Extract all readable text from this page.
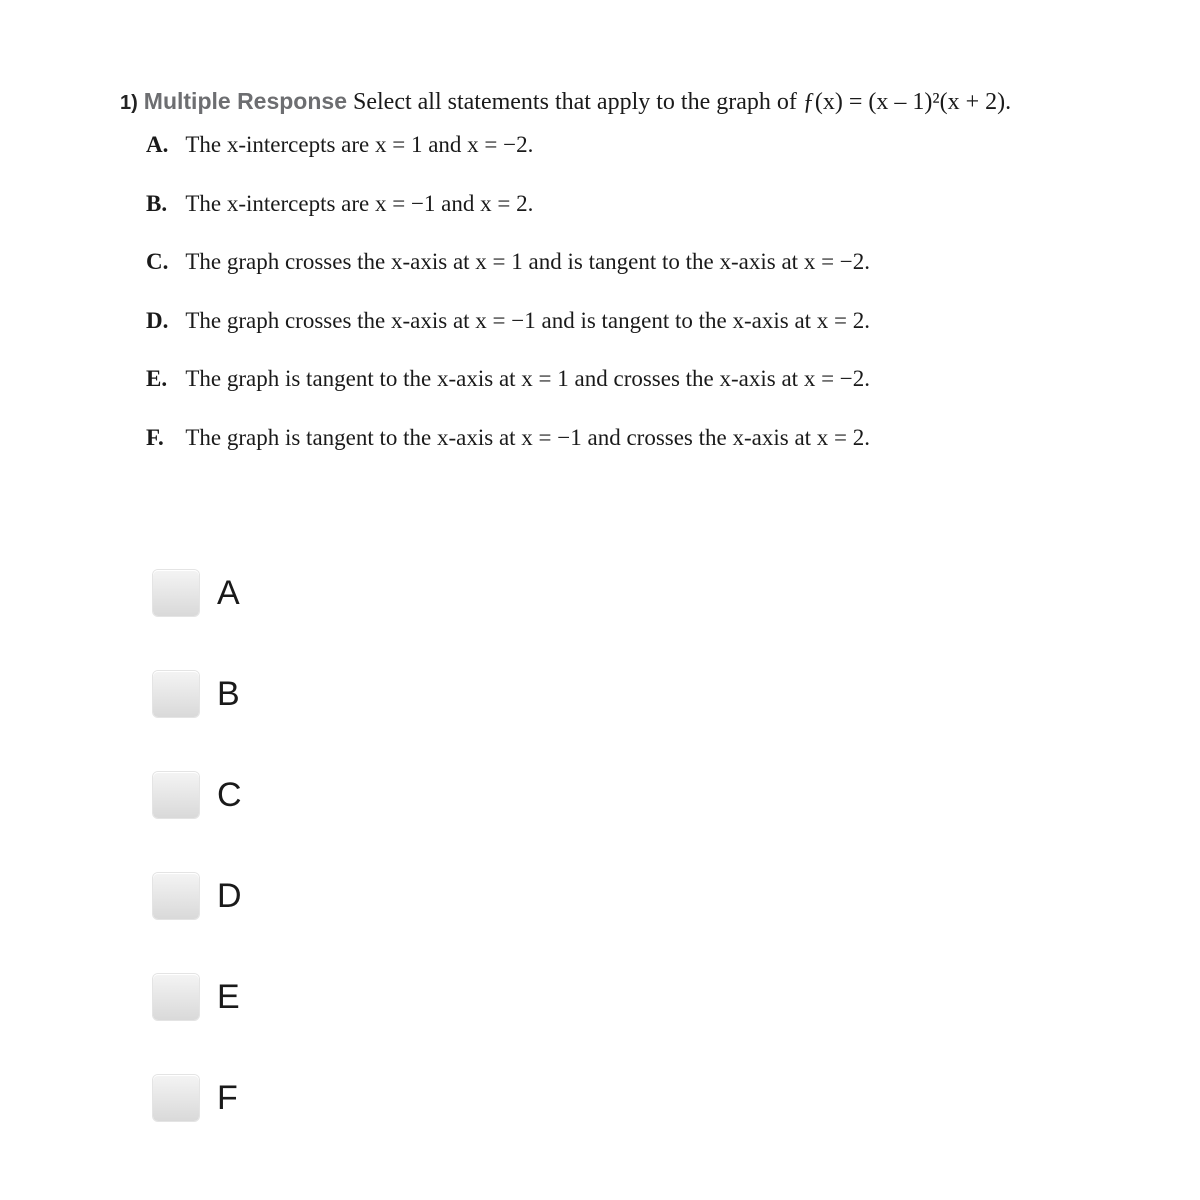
1) Multiple Response Select all statements that apply to the graph of ƒ(x) = (x – 1)²(x + 2).
A. The x-intercepts are x = 1 and x = −2.
B. The x-intercepts are x = −1 and x = 2.
C. The graph crosses the x-axis at x = 1 and is tangent to the x-axis at x = −2.
D. The graph crosses the x-axis at x = −1 and is tangent to the x-axis at x = 2.
E. The graph is tangent to the x-axis at x = 1 and crosses the x-axis at x = −2.
F. The graph is tangent to the x-axis at x = −1 and crosses the x-axis at x = 2.
A
B
C
D
E
F
